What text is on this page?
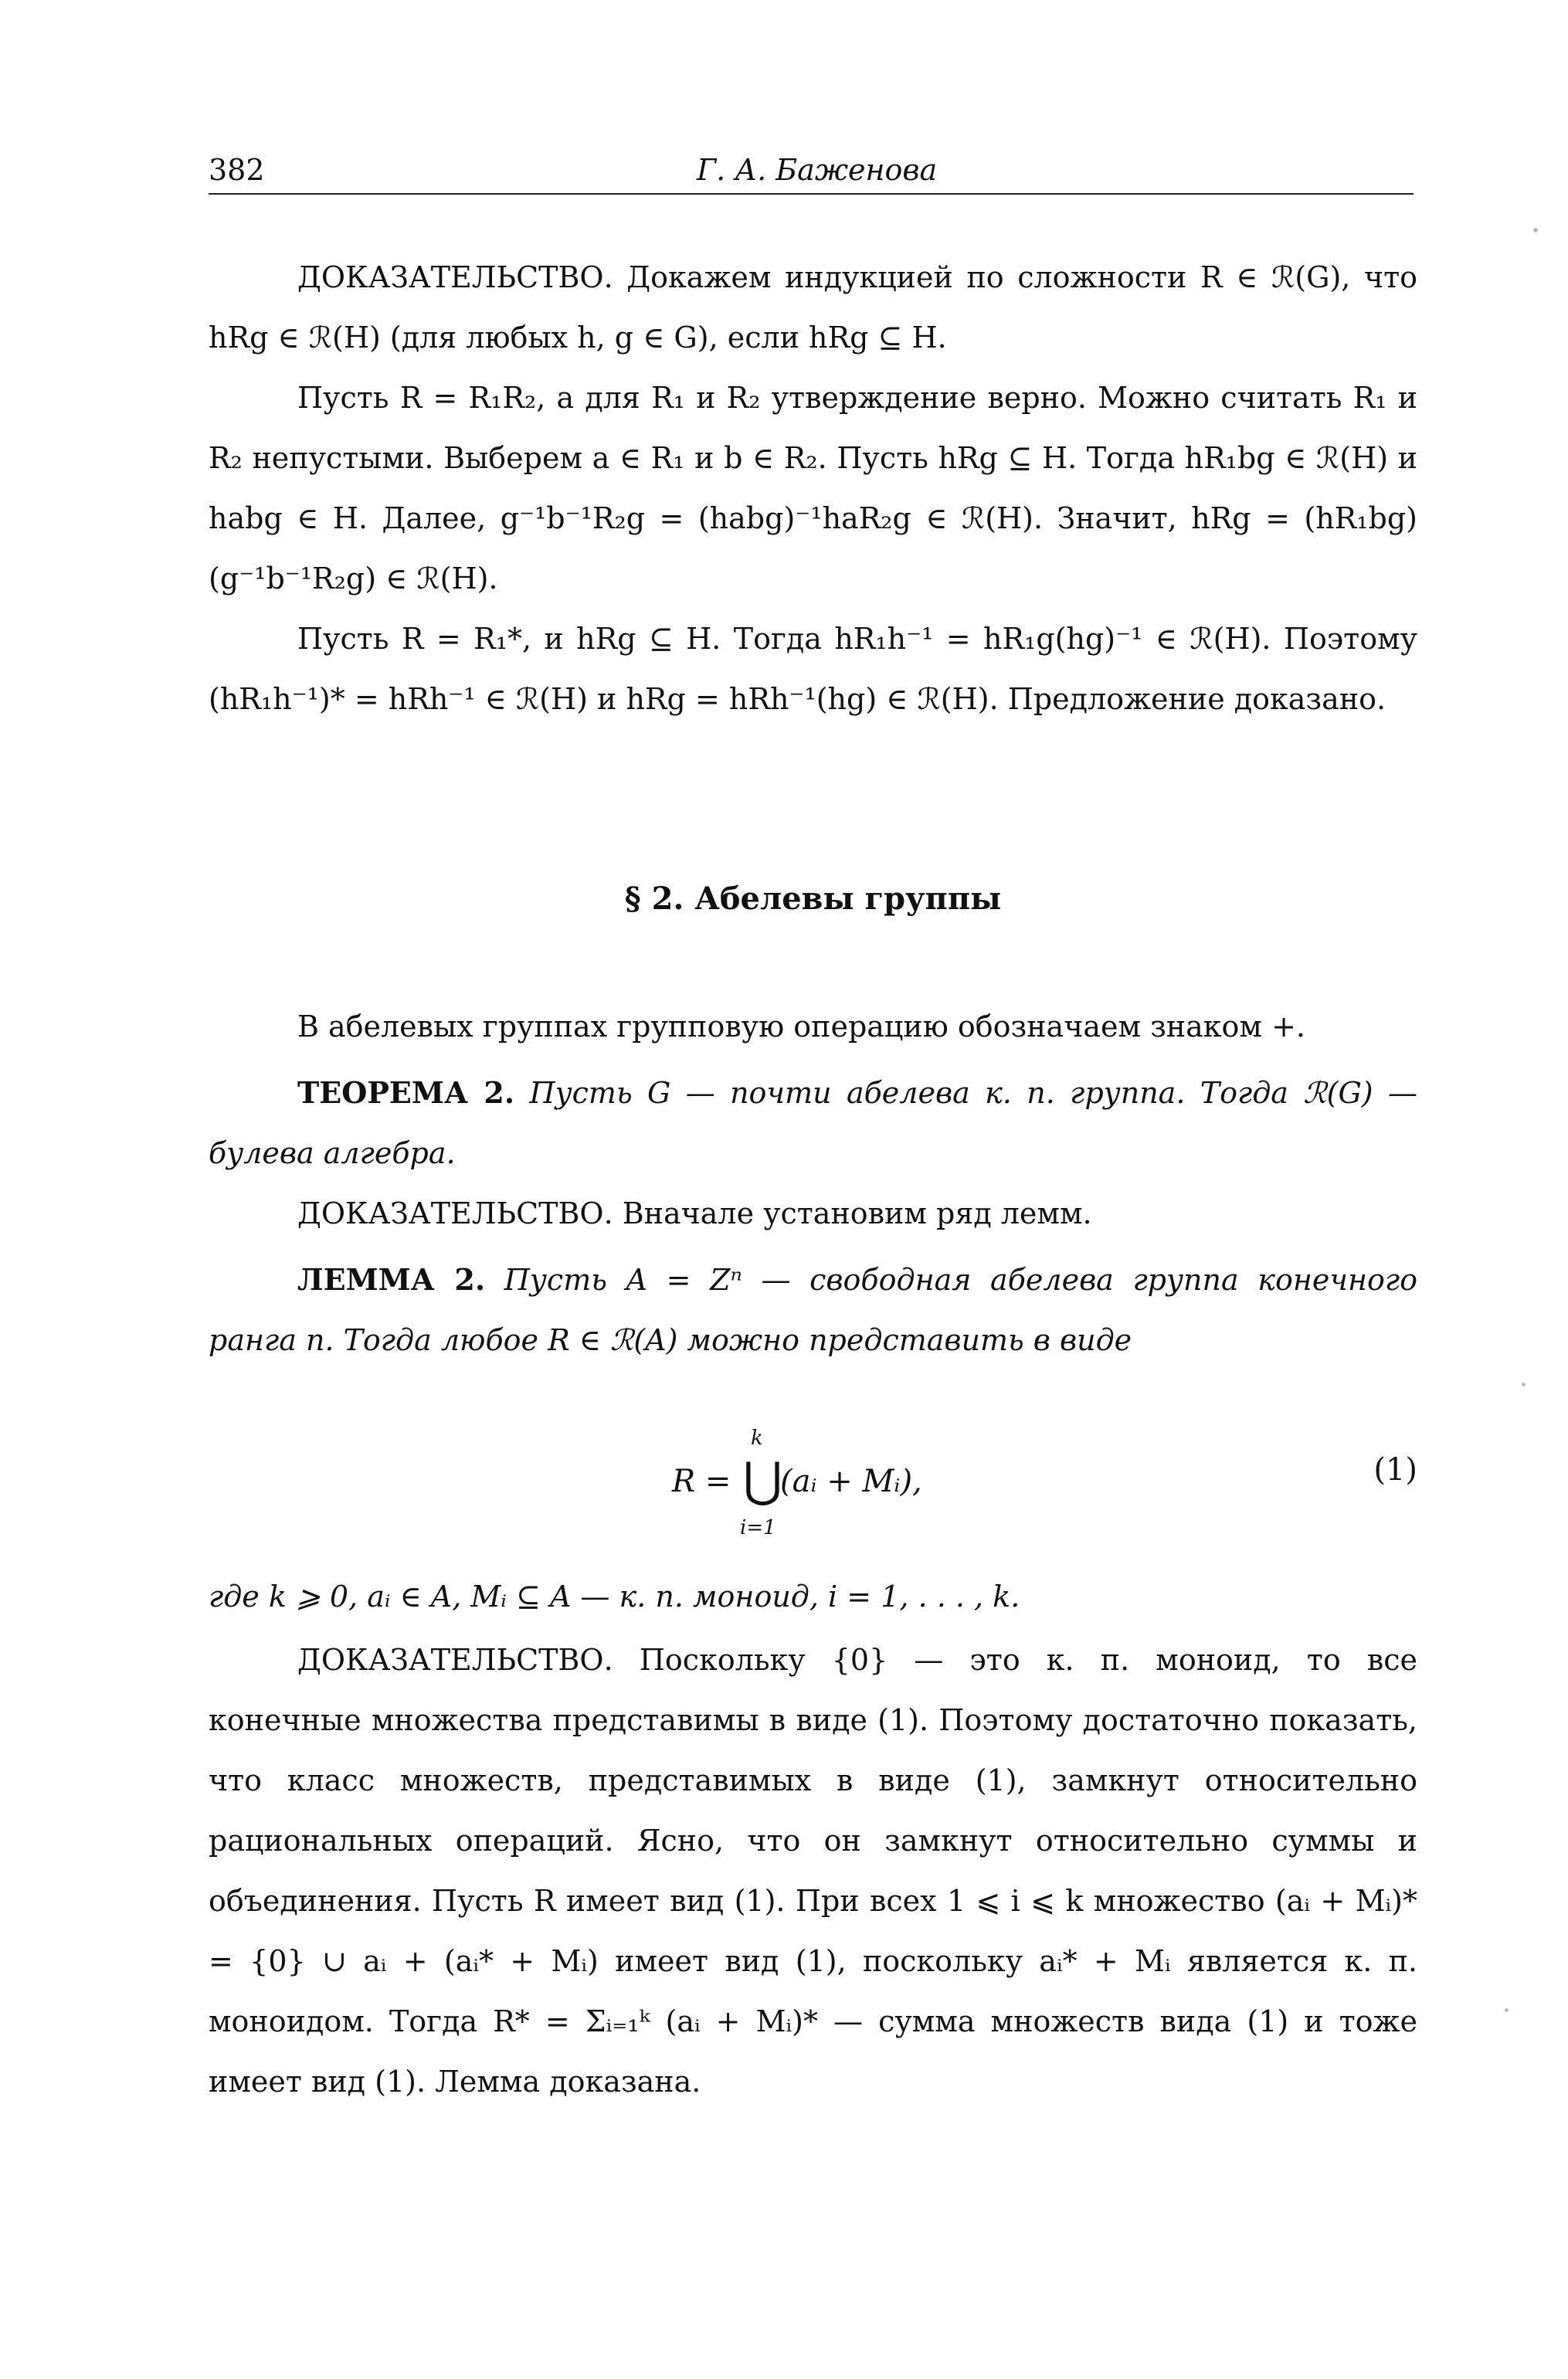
382	Г. А. Баженова

ДОКАЗАТЕЛЬСТВО. Докажем индукцией по сложности R ∈ ℛ(G), что hRg ∈ ℛ(H) (для любых h, g ∈ G), если hRg ⊆ H.

Пусть R = R₁R₂, а для R₁ и R₂ утверждение верно. Можно считать R₁ и R₂ непустыми. Выберем a ∈ R₁ и b ∈ R₂. Пусть hRg ⊆ H. Тогда hR₁bg ∈ ℛ(H) и habg ∈ H. Далее, g⁻¹b⁻¹R₂g = (habg)⁻¹haR₂g ∈ ℛ(H). Значит, hRg = (hR₁bg)(g⁻¹b⁻¹R₂g) ∈ ℛ(H).

Пусть R = R₁*, и hRg ⊆ H. Тогда hR₁h⁻¹ = hR₁g(hg)⁻¹ ∈ ℛ(H). Поэтому (hR₁h⁻¹)* = hRh⁻¹ ∈ ℛ(H) и hRg = hRh⁻¹(hg) ∈ ℛ(H). Предложение доказано.

§ 2. Абелевы группы

В абелевых группах групповую операцию обозначаем знаком +.

ТЕОРЕМА 2. Пусть G — почти абелева к. п. группа. Тогда ℛ(G) — булева алгебра.

ДОКАЗАТЕЛЬСТВО. Вначале установим ряд лемм.

ЛЕММА 2. Пусть A = Zⁿ — свободная абелева группа конечного ранга n. Тогда любое R ∈ ℛ(A) можно представить в виде

R =
k
⋃
i=1
(aᵢ + Mᵢ),	(1)

где k ⩾ 0, aᵢ ∈ A, Mᵢ ⊆ A — к. п. моноид, i = 1, . . . , k.

ДОКАЗАТЕЛЬСТВО. Поскольку {0} — это к. п. моноид, то все конечные множества представимы в виде (1). Поэтому достаточно показать, что класс множеств, представимых в виде (1), замкнут относительно рациональных операций. Ясно, что он замкнут относительно суммы и объединения. Пусть R имеет вид (1). При всех 1 ⩽ i ⩽ k множество (aᵢ + Mᵢ)* = {0} ∪ aᵢ + (aᵢ* + Mᵢ) имеет вид (1), поскольку aᵢ* + Mᵢ является к. п. моноидом. Тогда R* = Σᵢ₌₁ᵏ (aᵢ + Mᵢ)* — сумма множеств вида (1) и тоже имеет вид (1). Лемма доказана.
